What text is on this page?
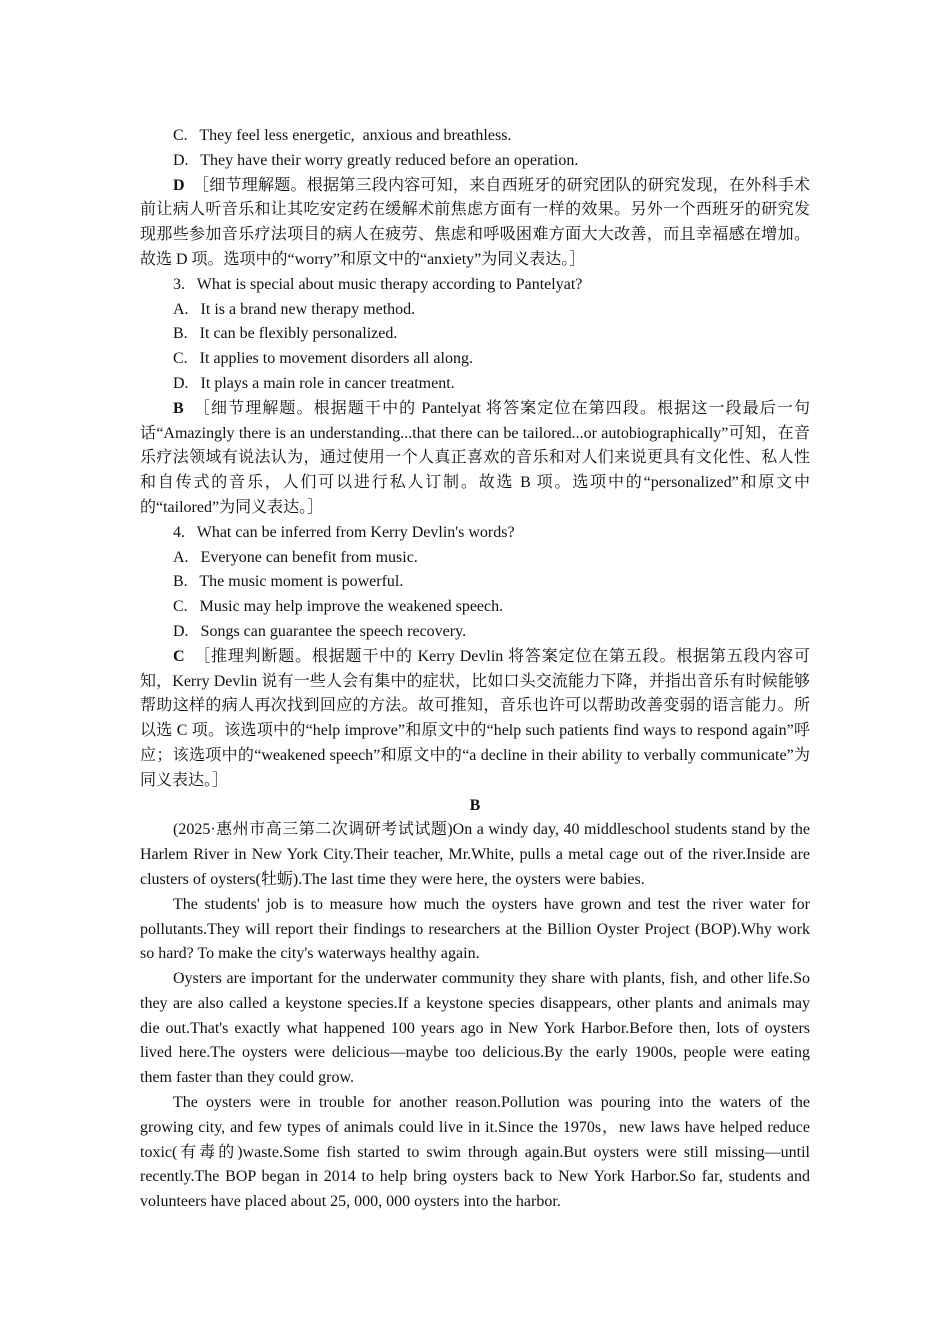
C.   They feel less energetic,  anxious and breathless.
D.   They have their worry greatly reduced before an operation.

D　 ［细节理解题。根据第三段内容可知，来自西班牙的研究团队的研究发现，在外科手术前让病人听音乐和让其吃安定药在缓解术前焦虑方面有一样的效果。另外一个西班牙的研究发现那些参加音乐疗法项目的病人在疲劳、焦虑和呼吸困难方面大大改善，而且幸福感在增加。故选 D 项。选项中的“worry”和原文中的“anxiety”为同义表达。］

3.   What is special about music therapy according to Pantelyat?
A.   It is a brand new therapy method.
B.   It can be flexibly personalized.
C.   It applies to movement disorders all along.
D.   It plays a main role in cancer treatment.

B　 ［细节理解题。根据题干中的 Pantelyat 将答案定位在第四段。根据这一段最后一句话“Amazingly there is an understanding...that there can be tailored...or autobiographically”可知，在音乐疗法领域有说法认为，通过使用一个人真正喜欢的音乐和对人们来说更具有文化性、私人性和自传式的音乐，人们可以进行私人订制。故选 B 项。选项中的“personalized”和原文中的“tailored”为同义表达。］

4.   What can be inferred from Kerry Devlin's words?
A.   Everyone can benefit from music.
B.   The music moment is powerful.
C.   Music may help improve the weakened speech.
D.   Songs can guarantee the speech recovery.

C　 ［推理判断题。根据题干中的 Kerry Devlin 将答案定位在第五段。根据第五段内容可知，Kerry Devlin 说有一些人会有集中的症状，比如口头交流能力下降，并指出音乐有时候能够帮助这样的病人再次找到回应的方法。故可推知，音乐也许可以帮助改善变弱的语言能力。所以选 C 项。该选项中的“help improve”和原文中的“help such patients find ways to respond again”呼应；该选项中的“weakened speech”和原文中的“a decline in their ability to verbally communicate”为同义表达。］

B

(2025·惠州市高三第二次调研考试试题)On a windy day, 40 middleschool students stand by the Harlem River in New York City.Their teacher, Mr.White, pulls a metal cage out of the river.Inside are clusters of oysters(牡蛎).The last time they were here, the oysters were babies.

The students' job is to measure how much the oysters have grown and test the river water for pollutants.They will report their findings to researchers at the Billion Oyster Project (BOP).Why work so hard? To make the city's waterways healthy again.

Oysters are important for the underwater community they share with plants, fish, and other life.So they are also called a keystone species.If a keystone species disappears, other plants and animals may die out.That's exactly what happened 100 years ago in New York Harbor.Before then, lots of oysters lived here.The oysters were delicious—maybe too delicious.By the early 1900s, people were eating them faster than they could grow.

The oysters were in trouble for another reason.Pollution was pouring into the waters of the growing city, and few types of animals could live in it.Since the 1970s，new laws have helped reduce toxic(有毒的)waste.Some fish started to swim through again.But oysters were still missing—until recently.The BOP began in 2014 to help bring oysters back to New York Harbor.So far, students and volunteers have placed about 25, 000, 000 oysters into the harbor.
